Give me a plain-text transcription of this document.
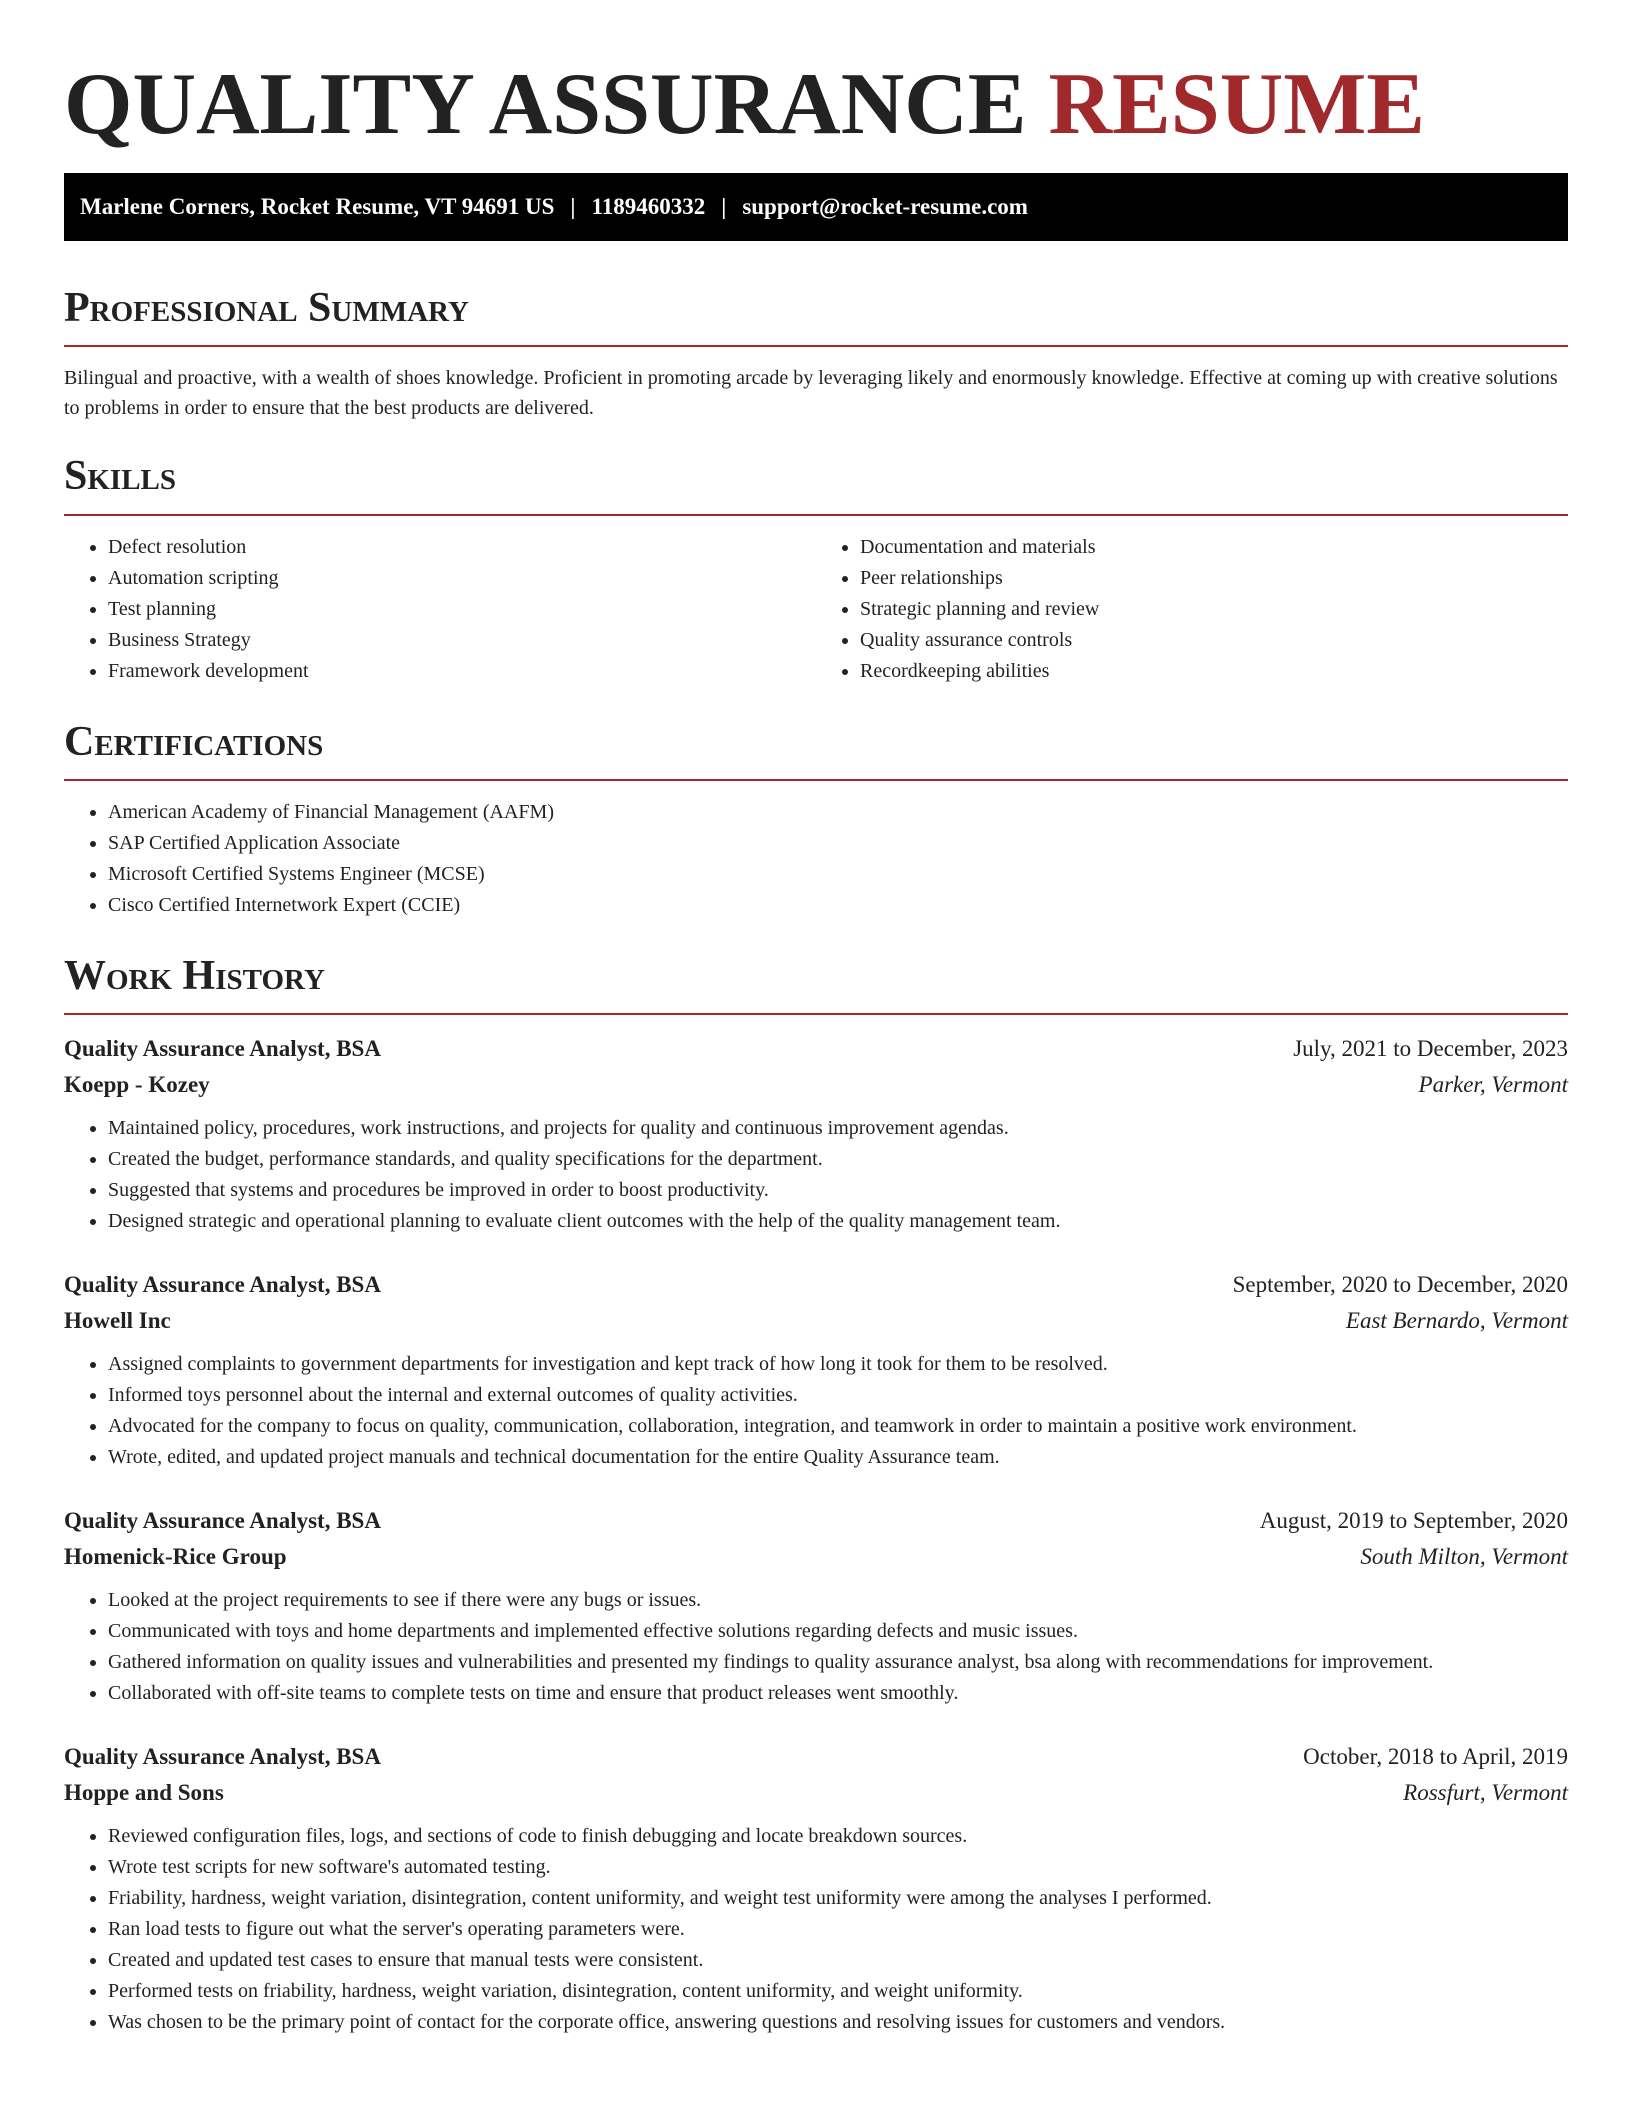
QUALITY ASSURANCE RESUME
Marlene Corners, Rocket Resume, VT 94691 US | 1189460332 | support@rocket-resume.com
Professional Summary

Bilingual and proactive, with a wealth of shoes knowledge. Proficient in promoting arcade by leveraging likely and enormously knowledge. Effective at coming up with creative solutions to problems in order to ensure that the best products are delivered.

Skills
• Defect resolution
• Automation scripting
• Test planning
• Business Strategy
• Framework development
• Documentation and materials
• Peer relationships
• Strategic planning and review
• Quality assurance controls
• Recordkeeping abilities
Certifications
• American Academy of Financial Management (AAFM)
• SAP Certified Application Associate
• Microsoft Certified Systems Engineer (MCSE)
• Cisco Certified Internetwork Expert (CCIE)
Work History
Quality Assurance Analyst, BSA	July, 2021 to December, 2023
Koepp - Kozey	Parker, Vermont
• Maintained policy, procedures, work instructions, and projects for quality and continuous improvement agendas.
• Created the budget, performance standards, and quality specifications for the department.
• Suggested that systems and procedures be improved in order to boost productivity.
• Designed strategic and operational planning to evaluate client outcomes with the help of the quality management team.
Quality Assurance Analyst, BSA	September, 2020 to December, 2020
Howell Inc	East Bernardo, Vermont
• Assigned complaints to government departments for investigation and kept track of how long it took for them to be resolved.
• Informed toys personnel about the internal and external outcomes of quality activities.
• Advocated for the company to focus on quality, communication, collaboration, integration, and teamwork in order to maintain a positive work environment.
• Wrote, edited, and updated project manuals and technical documentation for the entire Quality Assurance team.
Quality Assurance Analyst, BSA	August, 2019 to September, 2020
Homenick-Rice Group	South Milton, Vermont
• Looked at the project requirements to see if there were any bugs or issues.
• Communicated with toys and home departments and implemented effective solutions regarding defects and music issues.
• Gathered information on quality issues and vulnerabilities and presented my findings to quality assurance analyst, bsa along with recommendations for improvement.
• Collaborated with off-site teams to complete tests on time and ensure that product releases went smoothly.
Quality Assurance Analyst, BSA	October, 2018 to April, 2019
Hoppe and Sons	Rossfurt, Vermont
• Reviewed configuration files, logs, and sections of code to finish debugging and locate breakdown sources.
• Wrote test scripts for new software's automated testing.
• Friability, hardness, weight variation, disintegration, content uniformity, and weight test uniformity were among the analyses I performed.
• Ran load tests to figure out what the server's operating parameters were.
• Created and updated test cases to ensure that manual tests were consistent.
• Performed tests on friability, hardness, weight variation, disintegration, content uniformity, and weight uniformity.
• Was chosen to be the primary point of contact for the corporate office, answering questions and resolving issues for customers and vendors.
